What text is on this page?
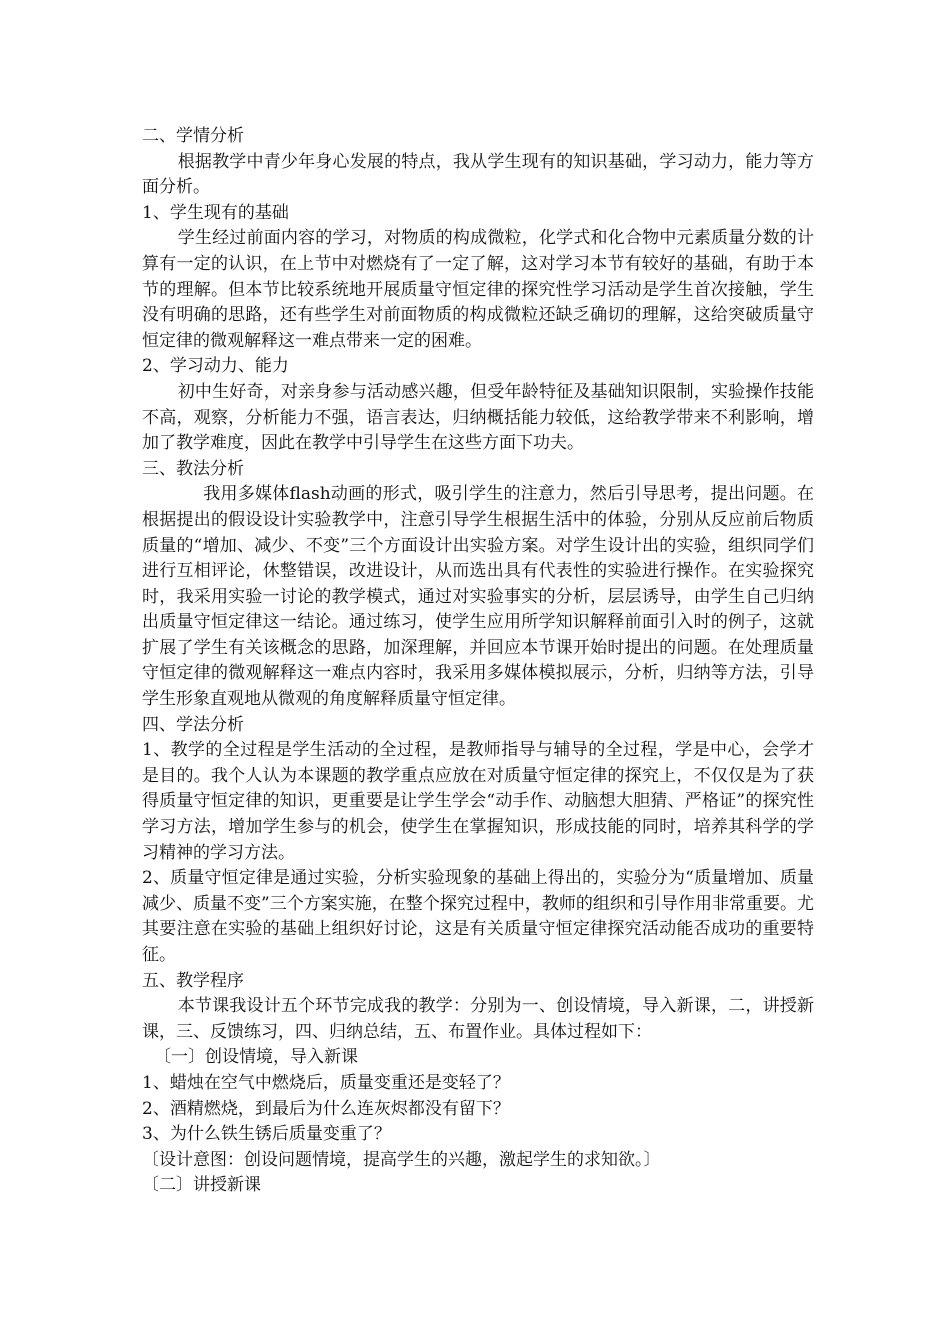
二、学情分析

根据教学中青少年身心发展的特点，我从学生现有的知识基础，学习动力，能力等方面分析。

1、学生现有的基础

学生经过前面内容的学习，对物质的构成微粒，化学式和化合物中元素质量分数的计算有一定的认识，在上节中对燃烧有了一定了解，这对学习本节有较好的基础，有助于本节的理解。但本节比较系统地开展质量守恒定律的探究性学习活动是学生首次接触，学生没有明确的思路，还有些学生对前面物质的构成微粒还缺乏确切的理解，这给突破质量守恒定律的微观解释这一难点带来一定的困难。

2、学习动力、能力

初中生好奇，对亲身参与活动感兴趣，但受年龄特征及基础知识限制，实验操作技能不高，观察，分析能力不强，语言表达，归纳概括能力较低，这给教学带来不利影响，增加了教学难度，因此在教学中引导学生在这些方面下功夫。

三、教法分析

我用多媒体flash动画的形式，吸引学生的注意力，然后引导思考，提出问题。在根据提出的假设设计实验教学中，注意引导学生根据生活中的体验，分别从反应前后物质质量的“增加、减少、不变”三个方面设计出实验方案。对学生设计出的实验，组织同学们进行互相评论，休整错误，改进设计，从而选出具有代表性的实验进行操作。在实验探究时，我采用实验一讨论的教学模式，通过对实验事实的分析，层层诱导，由学生自己归纳出质量守恒定律这一结论。通过练习，使学生应用所学知识解释前面引入时的例子，这就扩展了学生有关该概念的思路，加深理解，并回应本节课开始时提出的问题。在处理质量守恒定律的微观解释这一难点内容时，我采用多媒体模拟展示，分析，归纳等方法，引导学生形象直观地从微观的角度解释质量守恒定律。

四、学法分析

1、教学的全过程是学生活动的全过程，是教师指导与辅导的全过程，学是中心，会学才是目的。我个人认为本课题的教学重点应放在对质量守恒定律的探究上，不仅仅是为了获得质量守恒定律的知识，更重要是让学生学会“动手作、动脑想大胆猜、严格证”的探究性学习方法，增加学生参与的机会，使学生在掌握知识，形成技能的同时，培养其科学的学习精神的学习方法。

2、质量守恒定律是通过实验，分析实验现象的基础上得出的，实验分为“质量增加、质量减少、质量不变”三个方案实施，在整个探究过程中，教师的组织和引导作用非常重要。尤其要注意在实验的基础上组织好讨论，这是有关质量守恒定律探究活动能否成功的重要特征。

五、教学程序

本节课我设计五个环节完成我的教学：分别为一、创设情境，导入新课，二，讲授新课，三、反馈练习，四、归纳总结，五、布置作业。具体过程如下：

〔一〕创设情境，导入新课

1、蜡烛在空气中燃烧后，质量变重还是变轻了？

2、酒精燃烧，到最后为什么连灰烬都没有留下？

3、为什么铁生锈后质量变重了？

〔设计意图：创设问题情境，提高学生的兴趣，激起学生的求知欲。〕

〔二〕讲授新课
